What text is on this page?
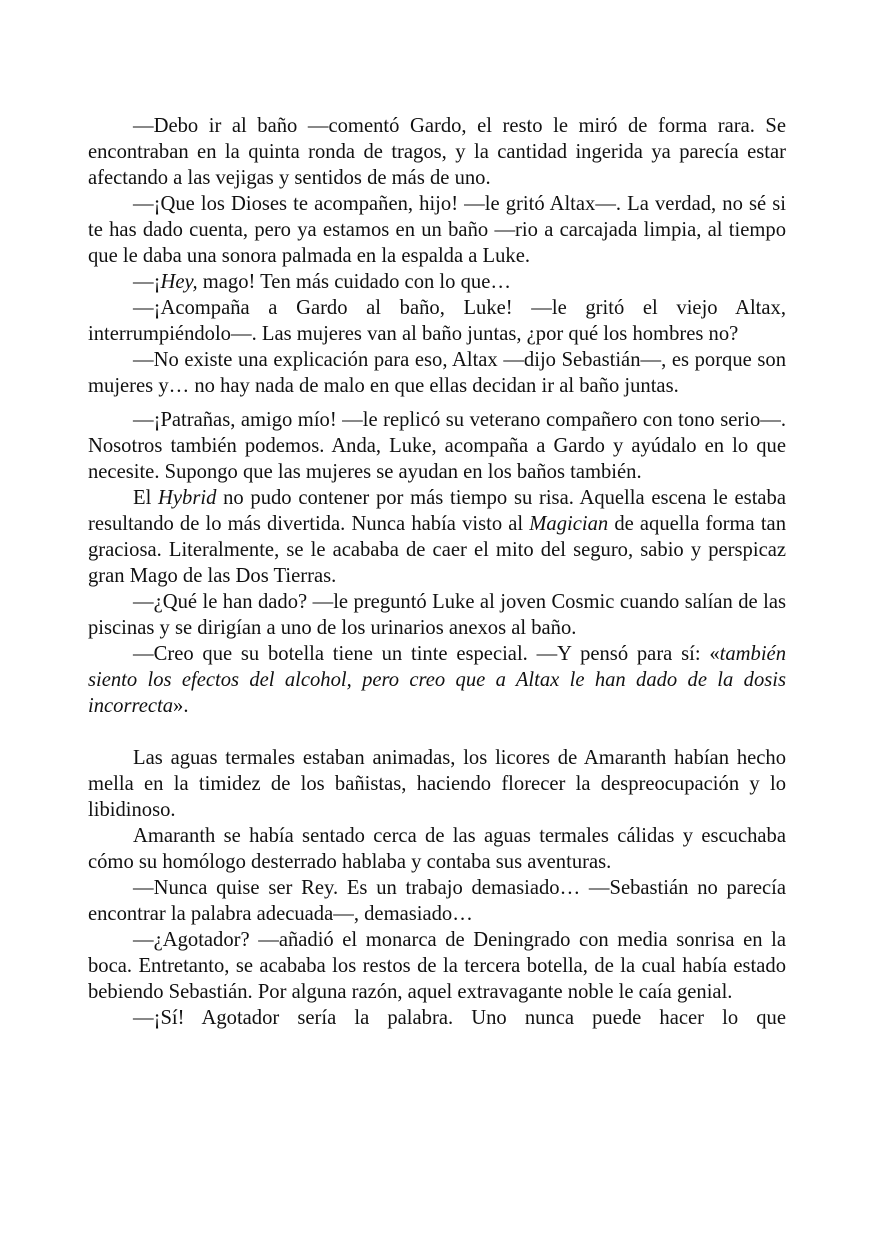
—Debo ir al baño —comentó Gardo, el resto le miró de forma rara. Se encontraban en la quinta ronda de tragos, y la cantidad ingerida ya parecía estar afectando a las vejigas y sentidos de más de uno.

—¡Que los Dioses te acompañen, hijo! —le gritó Altax—. La verdad, no sé si te has dado cuenta, pero ya estamos en un baño —rio a carcajada limpia, al tiempo que le daba una sonora palmada en la espalda a Luke.

—¡Hey, mago! Ten más cuidado con lo que…

—¡Acompaña a Gardo al baño, Luke! —le gritó el viejo Altax, interrumpiéndolo—. Las mujeres van al baño juntas, ¿por qué los hombres no?

—No existe una explicación para eso, Altax —dijo Sebastián—, es porque son mujeres y… no hay nada de malo en que ellas decidan ir al baño juntas.

—¡Patrañas, amigo mío! —le replicó su veterano compañero con tono serio—. Nosotros también podemos. Anda, Luke, acompaña a Gardo y ayúdalo en lo que necesite. Supongo que las mujeres se ayudan en los baños también.

El Hybrid no pudo contener por más tiempo su risa. Aquella escena le estaba resultando de lo más divertida. Nunca había visto al Magician de aquella forma tan graciosa. Literalmente, se le acababa de caer el mito del seguro, sabio y perspicaz gran Mago de las Dos Tierras.

—¿Qué le han dado? —le preguntó Luke al joven Cosmic cuando salían de las piscinas y se dirigían a uno de los urinarios anexos al baño.

—Creo que su botella tiene un tinte especial. —Y pensó para sí: «también siento los efectos del alcohol, pero creo que a Altax le han dado de la dosis incorrecta».

Las aguas termales estaban animadas, los licores de Amaranth habían hecho mella en la timidez de los bañistas, haciendo florecer la despreocupación y lo libidinoso.

Amaranth se había sentado cerca de las aguas termales cálidas y escuchaba cómo su homólogo desterrado hablaba y contaba sus aventuras.

—Nunca quise ser Rey. Es un trabajo demasiado… —Sebastián no parecía encontrar la palabra adecuada—, demasiado…

—¿Agotador? —añadió el monarca de Deningrado con media sonrisa en la boca. Entretanto, se acababa los restos de la tercera botella, de la cual había estado bebiendo Sebastián. Por alguna razón, aquel extravagante noble le caía genial.

—¡Sí! Agotador sería la palabra. Uno nunca puede hacer lo que
